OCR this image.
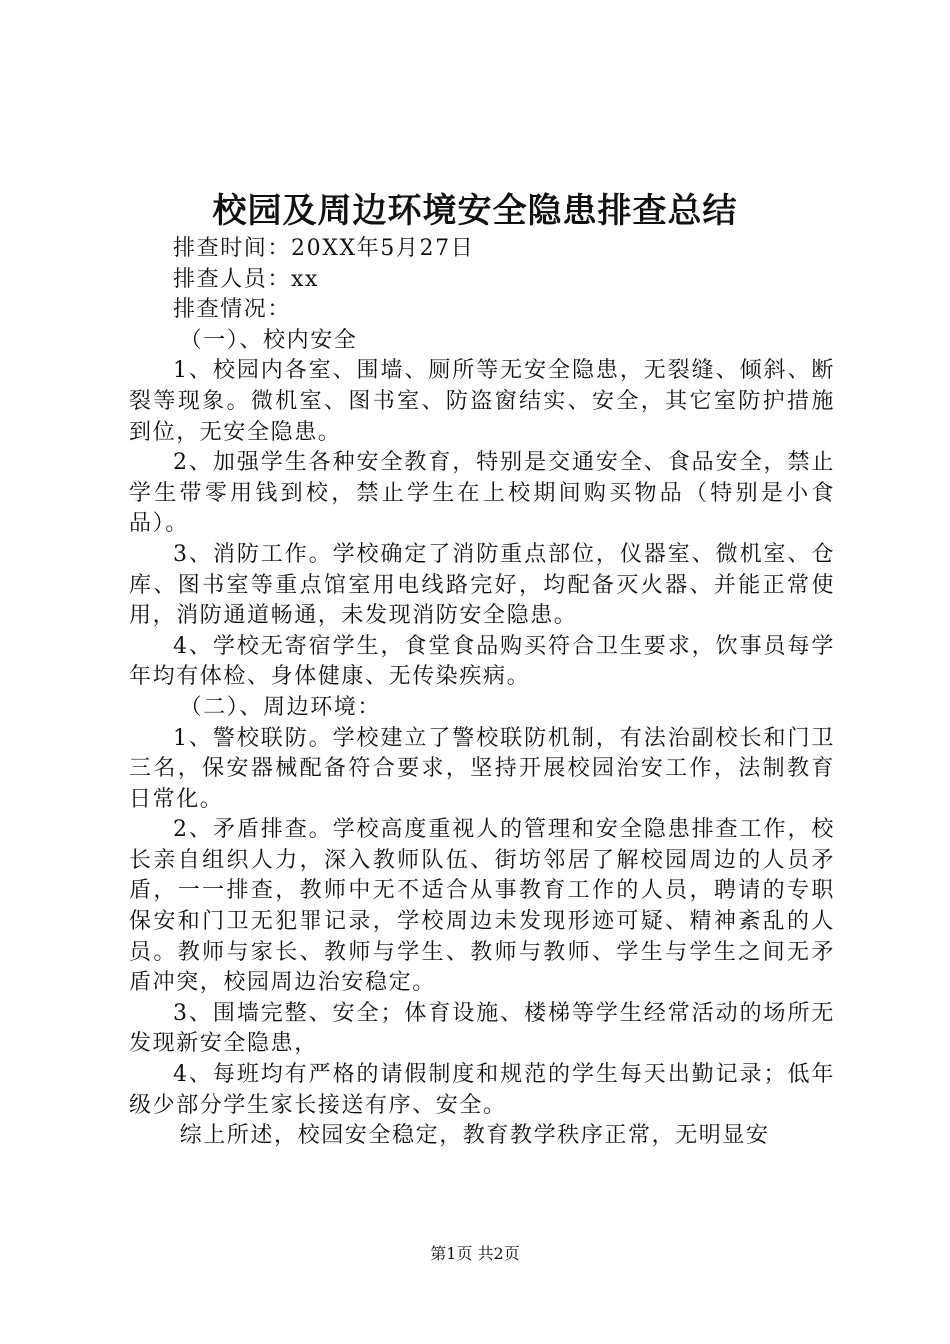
校园及周边环境安全隐患排查总结

排查时间：20XX年5月27日

排查人员：xx

排查情况：

（一）、校内安全

1、校园内各室、围墙、厕所等无安全隐患，无裂缝、倾斜、断裂等现象。微机室、图书室、防盗窗结实、安全，其它室防护措施到位，无安全隐患。

2、加强学生各种安全教育，特别是交通安全、食品安全，禁止学生带零用钱到校，禁止学生在上校期间购买物品（特别是小食品）。

3、消防工作。学校确定了消防重点部位，仪器室、微机室、仓库、图书室等重点馆室用电线路完好，均配备灭火器、并能正常使用，消防通道畅通，未发现消防安全隐患。

4、学校无寄宿学生，食堂食品购买符合卫生要求，饮事员每学年均有体检、身体健康、无传染疾病。

（二）、周边环境：

1、警校联防。学校建立了警校联防机制，有法治副校长和门卫三名，保安器械配备符合要求，坚持开展校园治安工作，法制教育日常化。

2、矛盾排查。学校高度重视人的管理和安全隐患排查工作，校长亲自组织人力，深入教师队伍、街坊邻居了解校园周边的人员矛盾，一一排查，教师中无不适合从事教育工作的人员，聘请的专职保安和门卫无犯罪记录，学校周边未发现形迹可疑、精神紊乱的人员。教师与家长、教师与学生、教师与教师、学生与学生之间无矛盾冲突，校园周边治安稳定。

3、围墙完整、安全；体育设施、楼梯等学生经常活动的场所无发现新安全隐患，

4、每班均有严格的请假制度和规范的学生每天出勤记录；低年级少部分学生家长接送有序、安全。

综上所述，校园安全稳定，教育教学秩序正常，无明显安

第1页 共2页
